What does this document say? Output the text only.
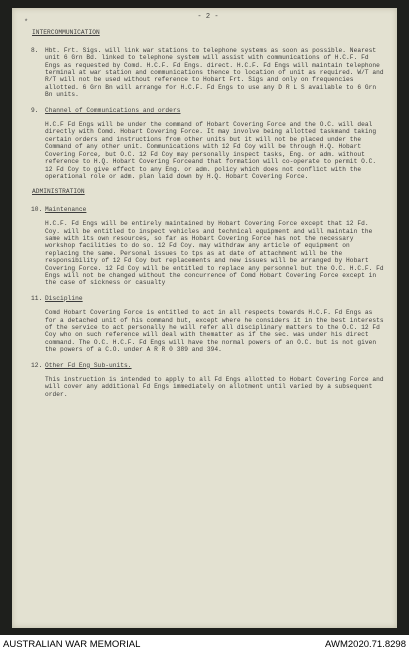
*
- 2 -
INTERCOMMUNICATION
8. Hbt. Frt. Sigs. will link war stations to telephone systems as soon as possible. Nearest unit 6 Grn Bd. linked to telephone system will assist with communications of H.C.F. Fd Engs as requested by Comd. H.C.F. Fd Engs. direct. H.C.F. Fd Engs will maintain telephone terminal at war station and communications thence to location of unit as required. W/T and R/T will not be used without reference to Hobart Frt. Sigs and only on frequencies allotted. 6 Grn Bn will arrange for H.C.F. Fd Engs to use any D R L S available to 6 Grn Bn units.

9. Channel of Communications and orders

H.C.F Fd Engs will be under the command of Hobart Covering Force and the O.C. will deal directly with Comd. Hobart Covering Force. It may involve being allotted taskmand taking certain orders and instructions from other units but it will not be placed under the Command of any other unit. Communications with 12 Fd Coy will be through H.Q. Hobart Covering Force, but O.C. 12 Fd Coy may personally inspect tasks, Eng. or adm. without reference to H.Q. Hobart Covering Forceand that formation will co-operate to permit O.C. 12 Fd Coy to give effect to any Eng. or adm. policy which does not conflict with the operational role or adm. plan laid down by H.Q. Hobart Covering Force.

ADMINISTRATION
10. Maintenance

H.C.F. Fd Engs will be entirely maintained by Hobart Covering Force except that 12 Fd. Coy. will be entitled to inspect vehicles and technical equipment and will maintain the same with its own resources, so far as Hobart Covering Force has not the necessary workshop facilities to do so. 12 Fd Coy. may withdraw any article of equipment on replacing the same. Personal issues to tps as at date of attachment will be the responsibility of 12 Fd Coy but replacements and new issues will be arranged by Hobart Covering Force. 12 Fd Coy will be entitled to replace any personnel but the O.C. H.C.F. Fd Engs will not be changed without the concurrence of Comd Hobart Covering Force except in the case of sickness or casualty

11. Discipline

Comd Hobart Covering Force is entitled to act in all respects towards H.C.F. Fd Engs as for a detached unit of his command but, except where he considers it in the best interests of the service to act personally he will refer all disciplinary matters to the O.C. 12 Fd Coy who on such reference will deal with thematter as if the sec. was under his direct command. The O.C. H.C.F. Fd Engs will have the normal powers of an O.C. but is not given the powers of a C.O. under A R R 0 389 and 394.

12. Other Fd Eng Sub-units.

This instruction is intended to apply to all Fd Engs allotted to Hobart Covering Force and will cover any additional Fd Engs immediately on allotment until varied by a subsequent order.

AUSTRALIAN WAR MEMORIAL	AWM2020.71.8298
